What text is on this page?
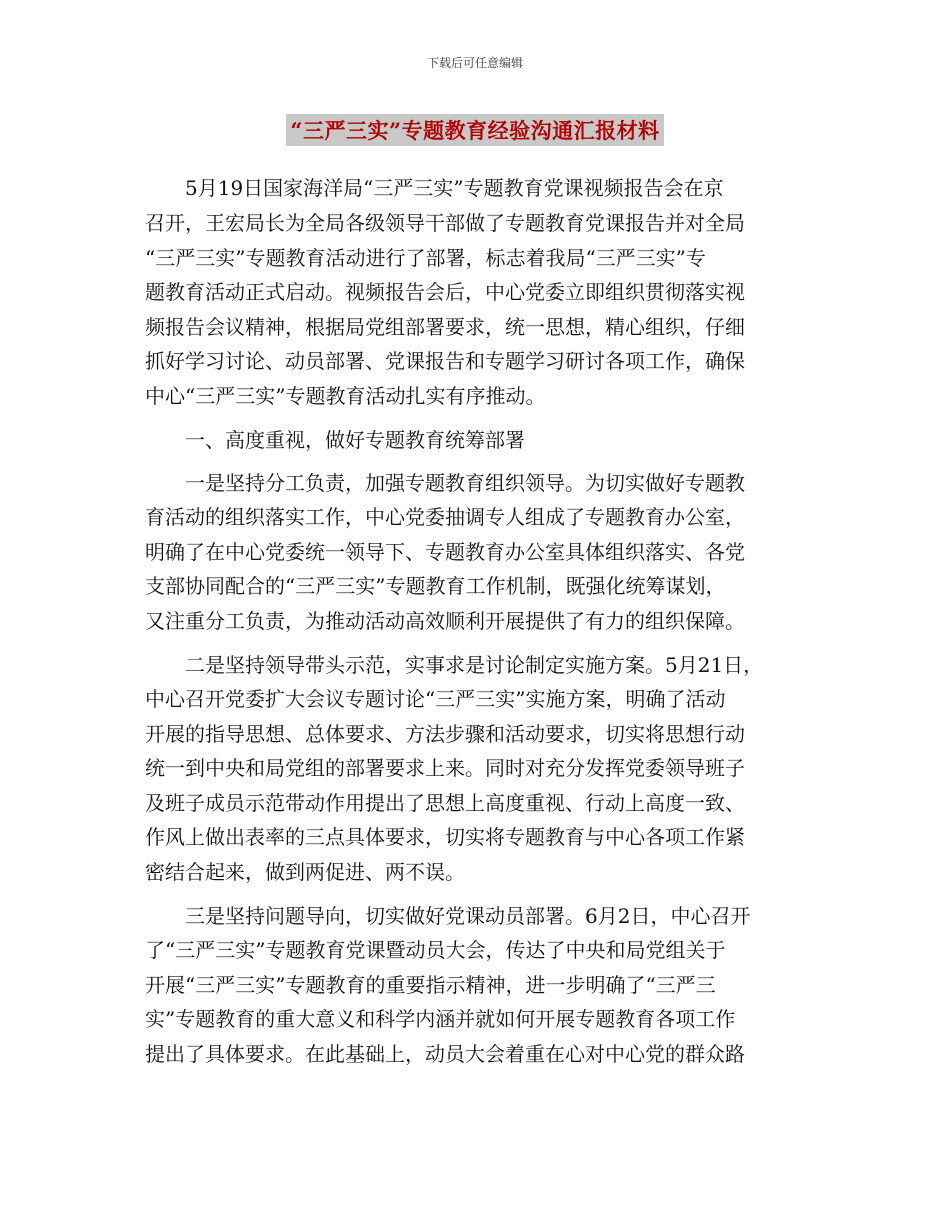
下载后可任意编辑
“三严三实”专题教育经验沟通汇报材料
5月19日国家海洋局“三严三实”专题教育党课视频报告会在京
召开，王宏局长为全局各级领导干部做了专题教育党课报告并对全局
“三严三实”专题教育活动进行了部署，标志着我局“三严三实”专
题教育活动正式启动。视频报告会后，中心党委立即组织贯彻落实视
频报告会议精神，根据局党组部署要求，统一思想，精心组织，仔细
抓好学习讨论、动员部署、党课报告和专题学习研讨各项工作，确保
中心“三严三实”专题教育活动扎实有序推动。
一、高度重视，做好专题教育统筹部署
一是坚持分工负责，加强专题教育组织领导。为切实做好专题教
育活动的组织落实工作，中心党委抽调专人组成了专题教育办公室，
明确了在中心党委统一领导下、专题教育办公室具体组织落实、各党
支部协同配合的“三严三实”专题教育工作机制，既强化统筹谋划，
又注重分工负责，为推动活动高效顺利开展提供了有力的组织保障。
二是坚持领导带头示范，实事求是讨论制定实施方案。5月21日，
中心召开党委扩大会议专题讨论“三严三实”实施方案，明确了活动
开展的指导思想、总体要求、方法步骤和活动要求，切实将思想行动
统一到中央和局党组的部署要求上来。同时对充分发挥党委领导班子
及班子成员示范带动作用提出了思想上高度重视、行动上高度一致、
作风上做出表率的三点具体要求，切实将专题教育与中心各项工作紧
密结合起来，做到两促进、两不误。
三是坚持问题导向，切实做好党课动员部署。6月2日，中心召开
了“三严三实”专题教育党课暨动员大会，传达了中央和局党组关于
开展“三严三实”专题教育的重要指示精神，进一步明确了“三严三
实”专题教育的重大意义和科学内涵并就如何开展专题教育各项工作
提出了具体要求。在此基础上，动员大会着重在心对中心党的群众路
